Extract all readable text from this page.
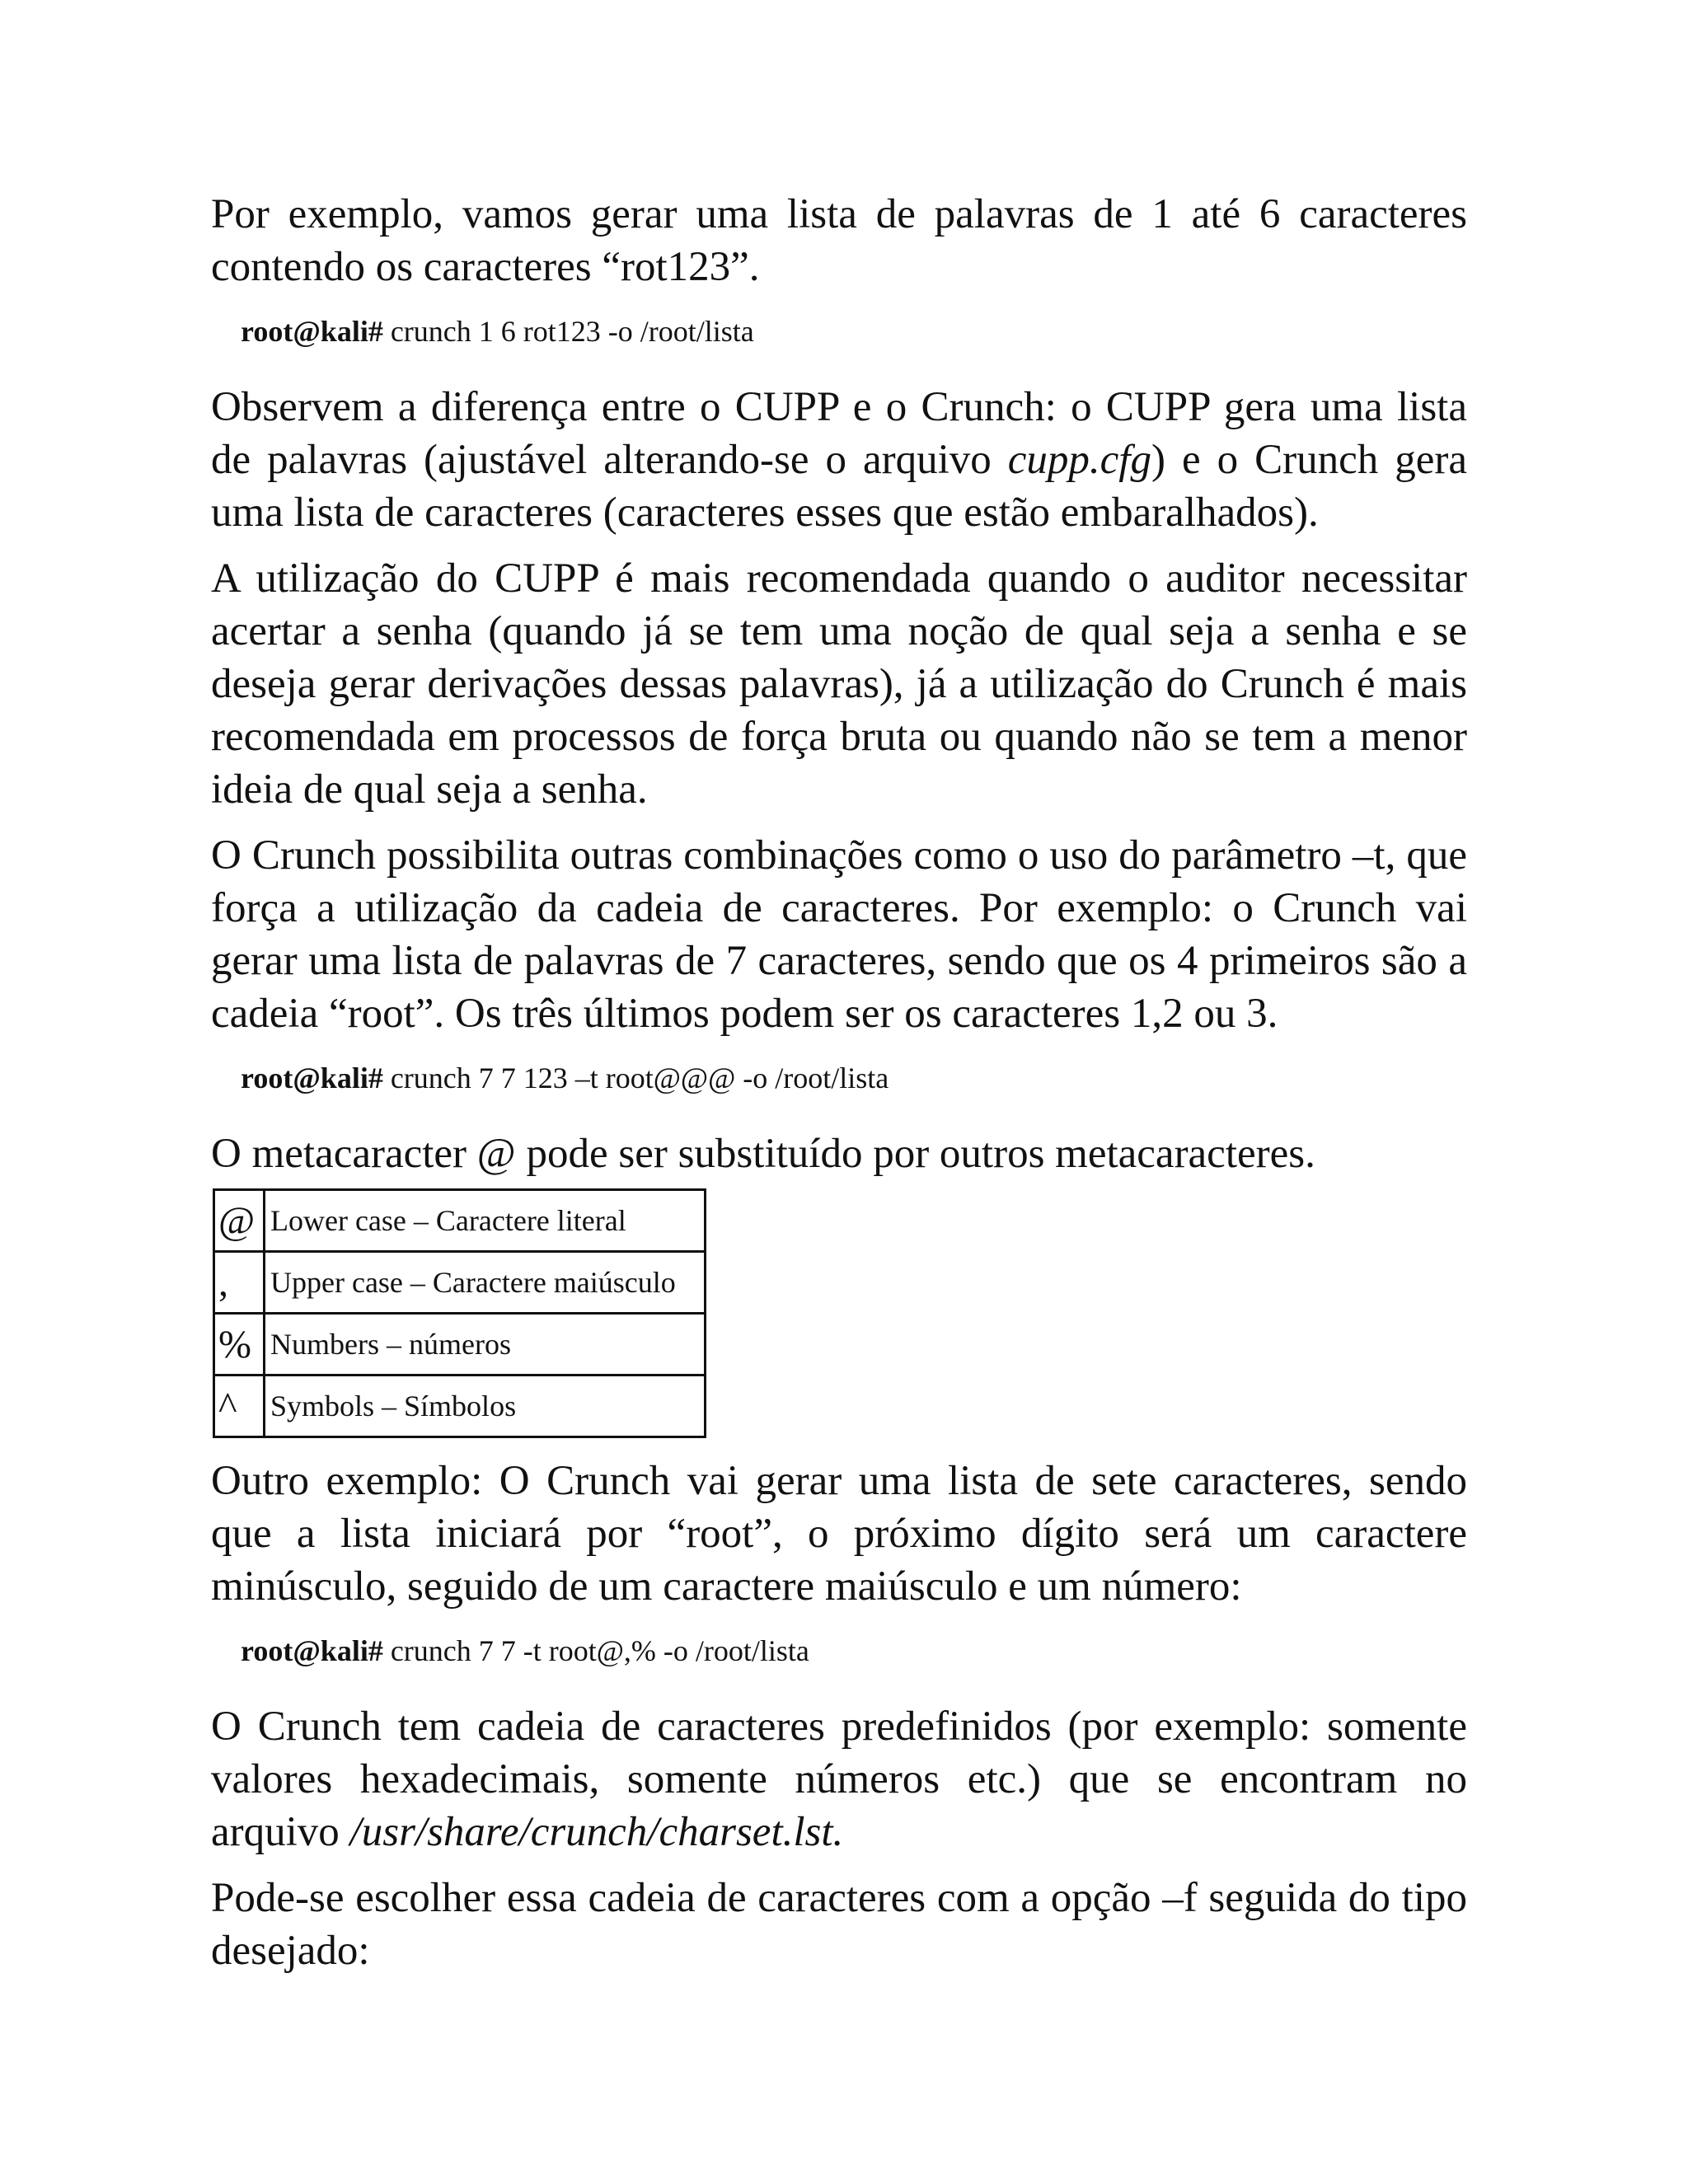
Por exemplo, vamos gerar uma lista de palavras de 1 até 6 caracteres contendo os caracteres “rot123”.

root@kali# crunch 1 6 rot123 -o /root/lista

Observem a diferença entre o CUPP e o Crunch: o CUPP gera uma lista de palavras (ajustável alterando-se o arquivo cupp.cfg) e o Crunch gera uma lista de caracteres (caracteres esses que estão embaralhados).

A utilização do CUPP é mais recomendada quando o auditor necessitar acertar a senha (quando já se tem uma noção de qual seja a senha e se deseja gerar derivações dessas palavras), já a utilização do Crunch é mais recomendada em processos de força bruta ou quando não se tem a menor ideia de qual seja a senha.

O Crunch possibilita outras combinações como o uso do parâmetro –t, que força a utilização da cadeia de caracteres. Por exemplo: o Crunch vai gerar uma lista de palavras de 7 caracteres, sendo que os 4 primeiros são a cadeia “root”. Os três últimos podem ser os caracteres 1,2 ou 3.

root@kali# crunch 7 7 123 –t root@@@ -o /root/lista

O metacaracter @ pode ser substituído por outros metacaracteres.

@	Lower case – Caractere literal
,	Upper case – Caractere maiúsculo
%	Numbers – números
^	Symbols – Símbolos

Outro exemplo: O Crunch vai gerar uma lista de sete caracteres, sendo que a lista iniciará por “root”, o próximo dígito será um caractere minúsculo, seguido de um caractere maiúsculo e um número:

root@kali# crunch 7 7 -t root@,% -o /root/lista

O Crunch tem cadeia de caracteres predefinidos (por exemplo: somente valores hexadecimais, somente números etc.) que se encontram no arquivo /usr/share/crunch/charset.lst.

Pode-se escolher essa cadeia de caracteres com a opção –f seguida do tipo desejado:
